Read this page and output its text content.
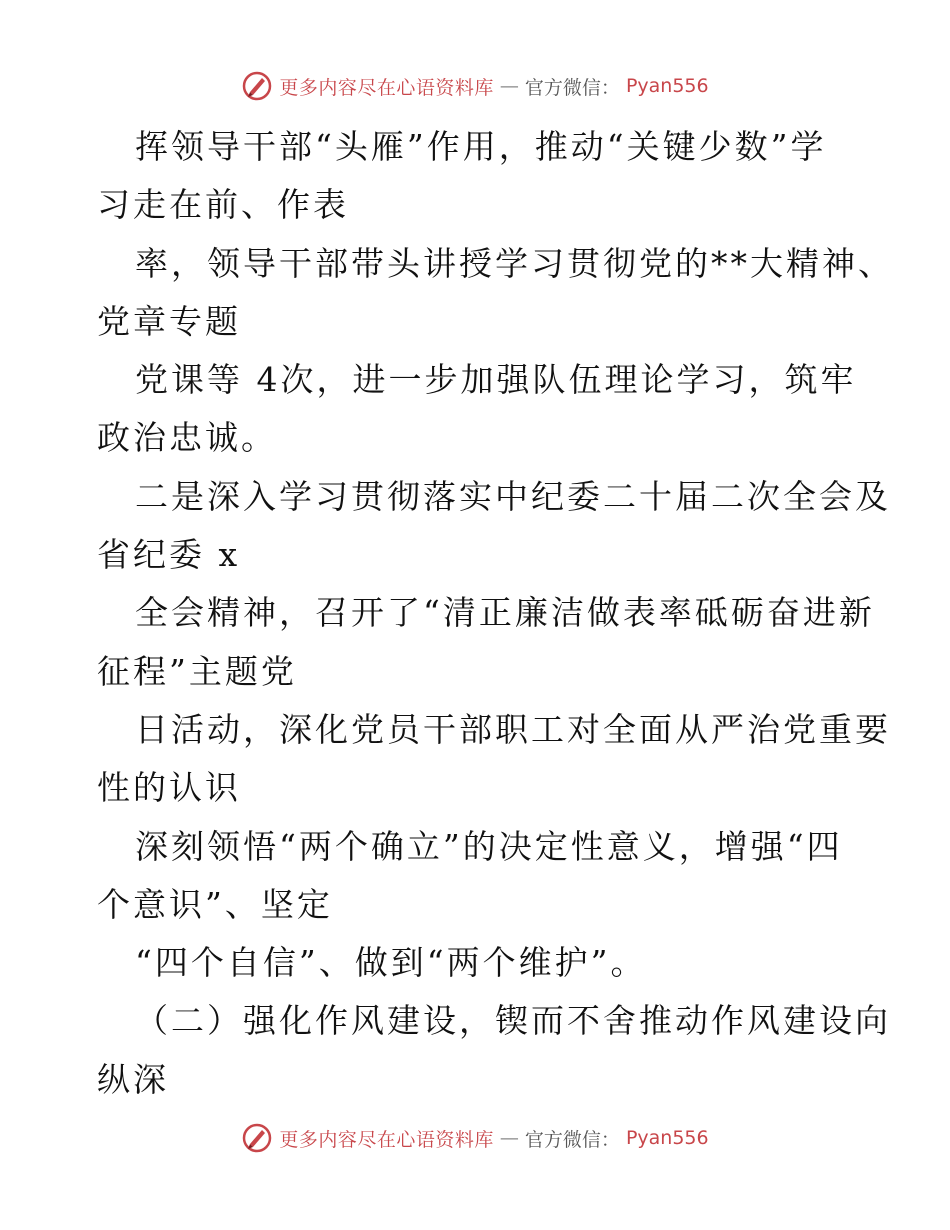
更多内容尽在心语资料库 — 官方微信： Pyan556
挥领导干部“头雁”作用，推动“关键少数”学
习走在前、作表
率，领导干部带头讲授学习贯彻党的**大精神、
党章专题
党课等 4次，进一步加强队伍理论学习，筑牢
政治忠诚。
二是深入学习贯彻落实中纪委二十届二次全会及
省纪委 x
全会精神，召开了“清正廉洁做表率砥砺奋进新
征程”主题党
日活动，深化党员干部职工对全面从严治党重要
性的认识
深刻领悟“两个确立”的决定性意义，增强“四
个意识”、坚定
“四个自信”、做到“两个维护”。
（二）强化作风建设，锲而不舍推动作风建设向
纵深
更多内容尽在心语资料库 — 官方微信： Pyan556
